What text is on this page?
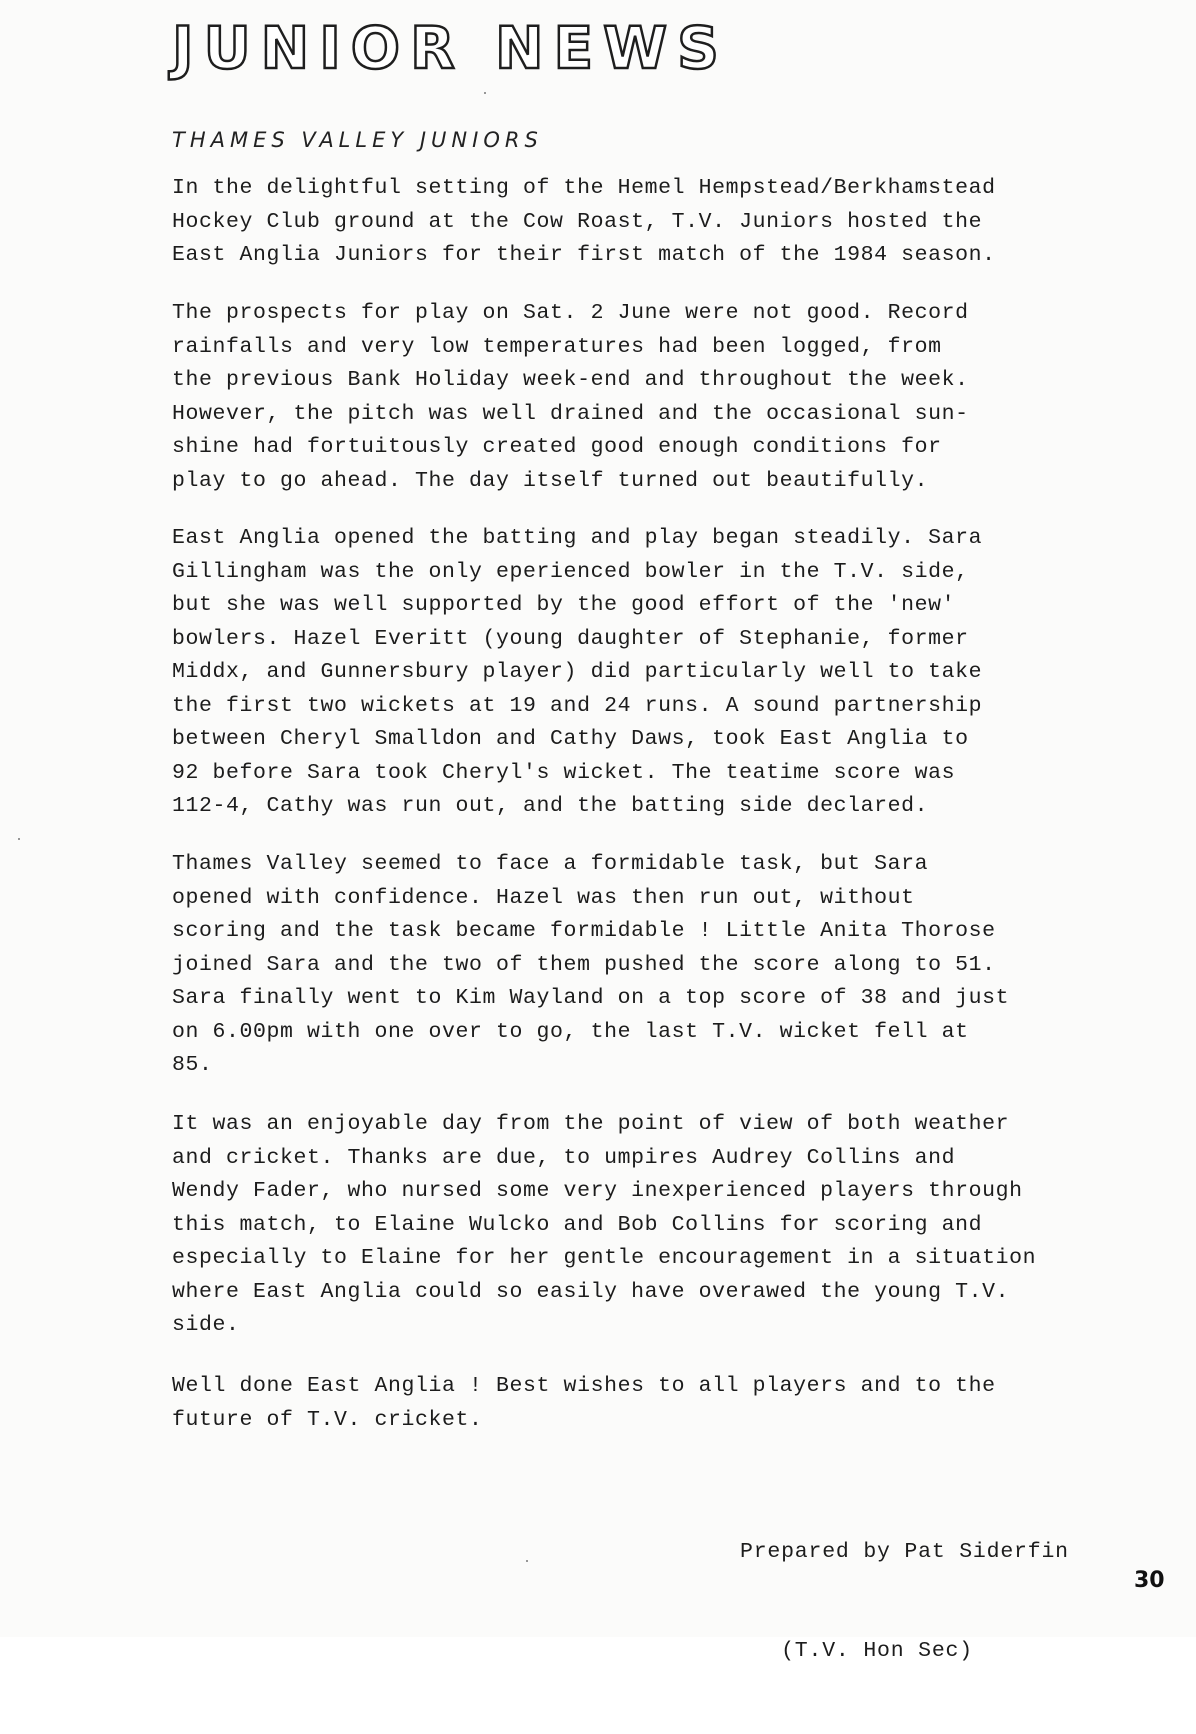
JUNIOR NEWS
THAMES VALLEY JUNIORS
In the delightful setting of the Hemel Hempstead/Berkhamstead
Hockey Club ground at the Cow Roast, T.V. Juniors hosted the
East Anglia Juniors for their first match of the 1984 season.
The prospects for play on Sat. 2 June were not good. Record
rainfalls and very low temperatures had been logged, from
the previous Bank Holiday week-end and throughout the week.
However, the pitch was well drained and the occasional sun-
shine had fortuitously created good enough conditions for
play to go ahead. The day itself turned out beautifully.
East Anglia opened the batting and play began steadily. Sara
Gillingham was the only eperienced bowler in the T.V. side,
but she was well supported by the good effort of the 'new'
bowlers. Hazel Everitt (young daughter of Stephanie, former
Middx, and Gunnersbury player) did particularly well to take
the first two wickets at 19 and 24 runs. A sound partnership
between Cheryl Smalldon and Cathy Daws, took East Anglia to
92 before Sara took Cheryl's wicket. The teatime score was
112-4, Cathy was run out, and the batting side declared.
Thames Valley seemed to face a formidable task, but Sara
opened with confidence. Hazel was then run out, without
scoring and the task became formidable ! Little Anita Thorose
joined Sara and the two of them pushed the score along to 51.
Sara finally went to Kim Wayland on a top score of 38 and just
on 6.00pm with one over to go, the last T.V. wicket fell at
85.
It was an enjoyable day from the point of view of both weather
and cricket. Thanks are due, to umpires Audrey Collins and
Wendy Fader, who nursed some very inexperienced players through
this match, to Elaine Wulcko and Bob Collins for scoring and
especially to Elaine for her gentle encouragement in a situation
where East Anglia could so easily have overawed the young T.V.
side.
Well done East Anglia ! Best wishes to all players and to the
future of T.V. cricket.

Prepared by Pat Siderfin

(T.V. Hon Sec)

30
